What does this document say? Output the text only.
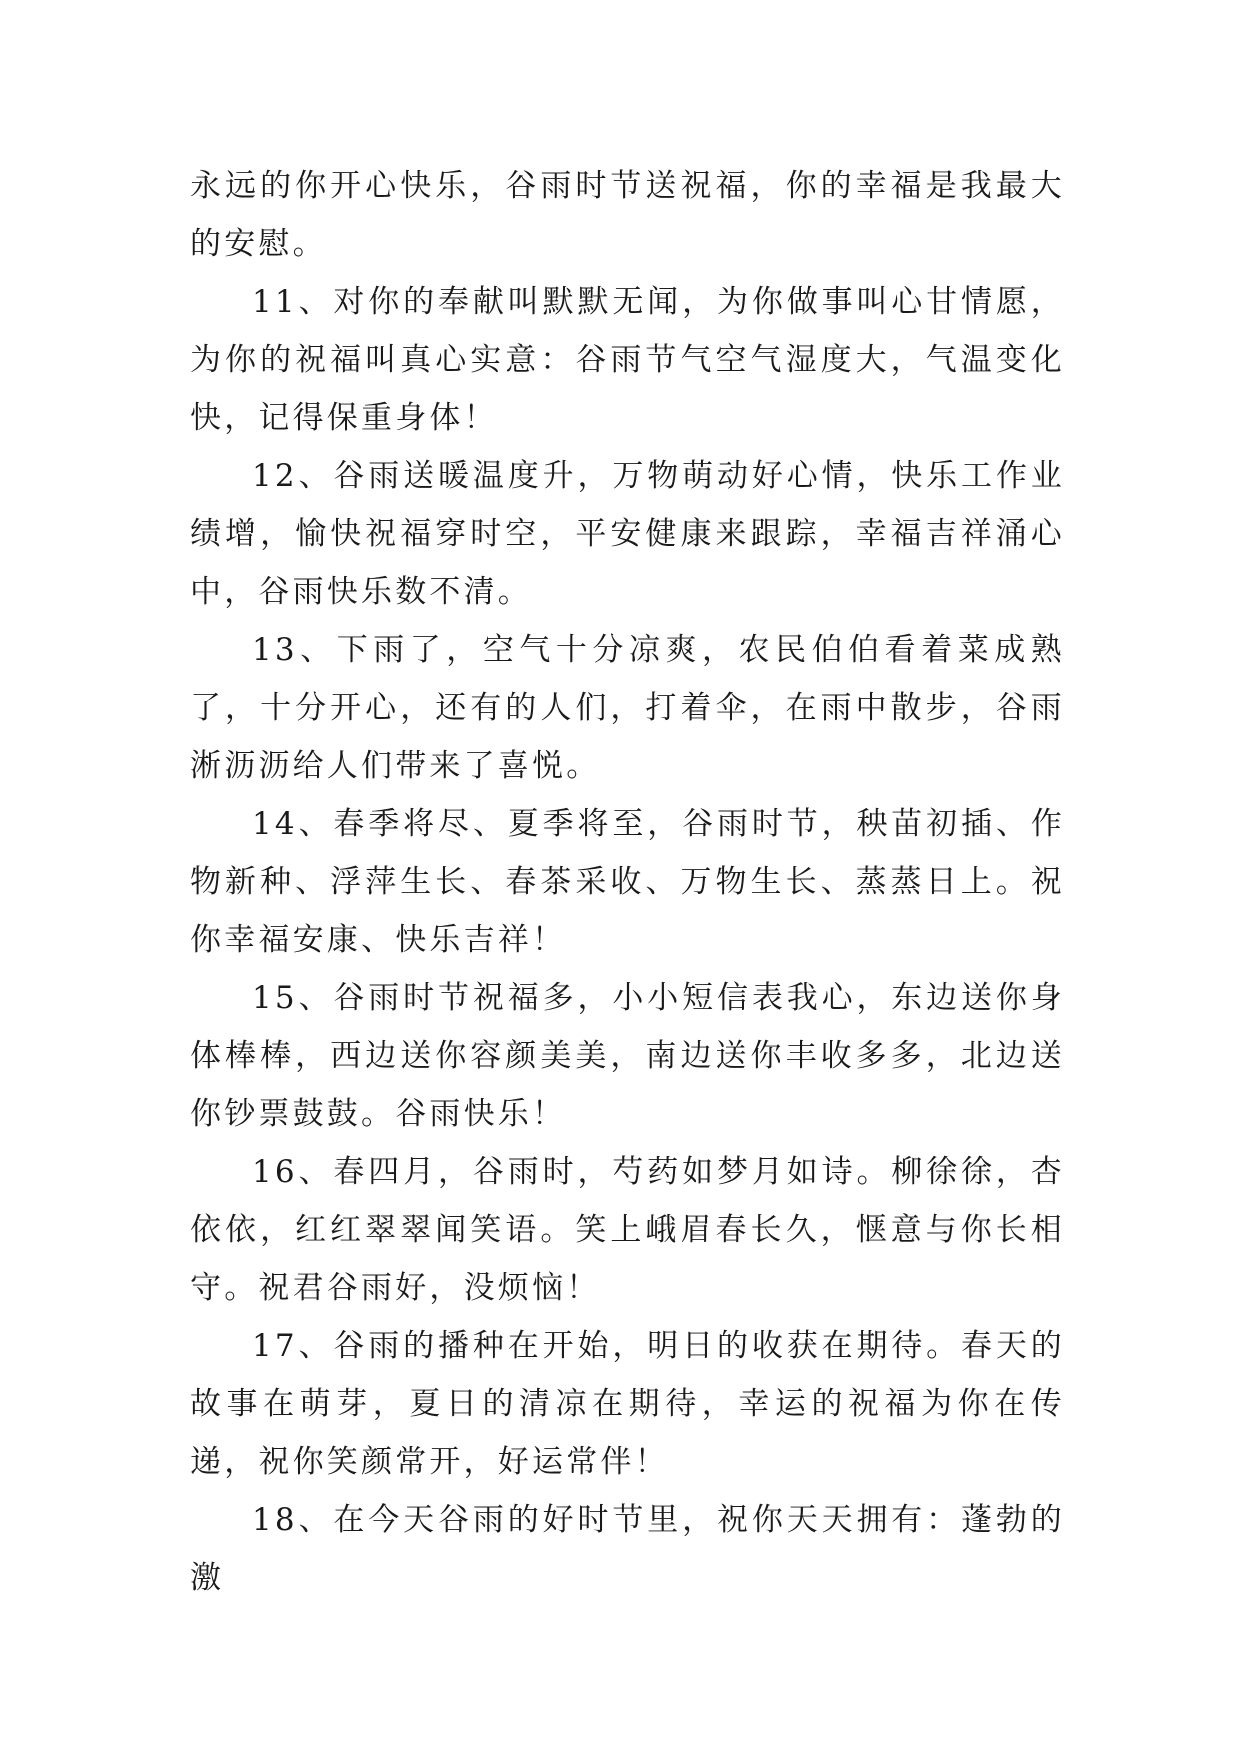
永远的你开心快乐，谷雨时节送祝福，你的幸福是我最大的安慰。

11、对你的奉献叫默默无闻，为你做事叫心甘情愿，为你的祝福叫真心实意：谷雨节气空气湿度大，气温变化快，记得保重身体！

12、谷雨送暖温度升，万物萌动好心情，快乐工作业绩增，愉快祝福穿时空，平安健康来跟踪，幸福吉祥涌心中，谷雨快乐数不清。

13、下雨了，空气十分凉爽，农民伯伯看着菜成熟了，十分开心，还有的人们，打着伞，在雨中散步，谷雨淅沥沥给人们带来了喜悦。

14、春季将尽、夏季将至，谷雨时节，秧苗初插、作物新种、浮萍生长、春茶采收、万物生长、蒸蒸日上。祝你幸福安康、快乐吉祥！

15、谷雨时节祝福多，小小短信表我心，东边送你身体棒棒，西边送你容颜美美，南边送你丰收多多，北边送你钞票鼓鼓。谷雨快乐！

16、春四月，谷雨时，芍药如梦月如诗。柳徐徐，杏依依，红红翠翠闻笑语。笑上峨眉春长久，惬意与你长相守。祝君谷雨好，没烦恼！

17、谷雨的播种在开始，明日的收获在期待。春天的故事在萌芽，夏日的清凉在期待，幸运的祝福为你在传递，祝你笑颜常开，好运常伴！

18、在今天谷雨的好时节里，祝你天天拥有：蓬勃的激
